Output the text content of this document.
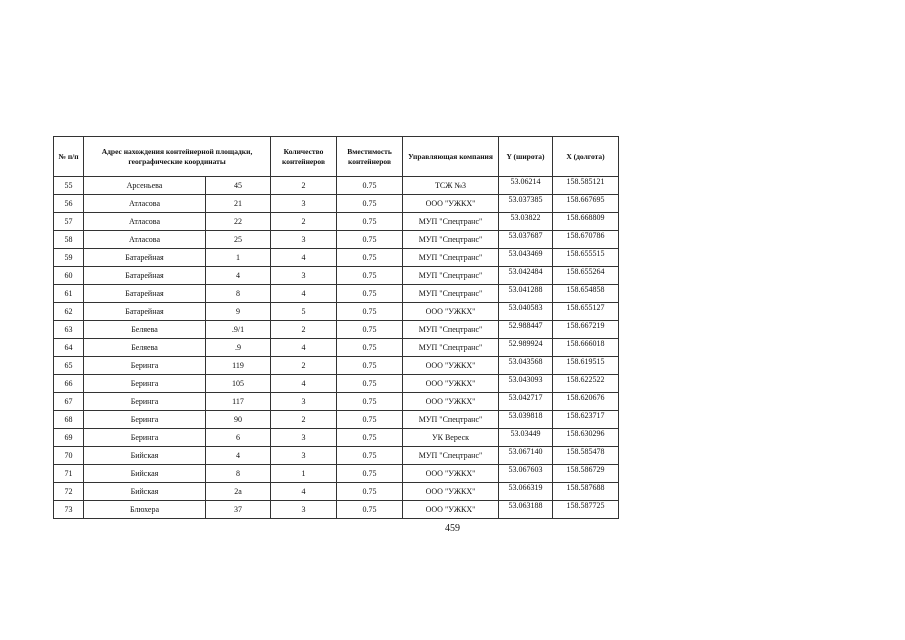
№ п/п	Адрес нахождения контейнерной площадки, географические координаты		Количество контейнеров	Вместимость контейнеров	Управляющая компания	Y (широта)	X (долгота)
55	Арсеньева	45	2	0.75	ТСЖ №3	53.06214	158.585121
56	Атласова	21	3	0.75	ООО "УЖКХ"	53.037385	158.667695
57	Атласова	22	2	0.75	МУП "Спецтранс"	53.03822	158.668809
58	Атласова	25	3	0.75	МУП "Спецтранс"	53.037687	158.670786
59	Батарейная	1	4	0.75	МУП "Спецтранс"	53.043469	158.655515
60	Батарейная	4	3	0.75	МУП "Спецтранс"	53.042484	158.655264
61	Батарейная	8	4	0.75	МУП "Спецтранс"	53.041288	158.654858
62	Батарейная	9	5	0.75	ООО "УЖКХ"	53.040583	158.655127
63	Беляева	.9/1	2	0.75	МУП "Спецтранс"	52.988447	158.667219
64	Беляева	.9	4	0.75	МУП "Спецтранс"	52.989924	158.666018
65	Беринга	119	2	0.75	ООО "УЖКХ"	53.043568	158.619515
66	Беринга	105	4	0.75	ООО "УЖКХ"	53.043093	158.622522
67	Беринга	117	3	0.75	ООО "УЖКХ"	53.042717	158.620676
68	Беринга	90	2	0.75	МУП "Спецтранс"	53.039818	158.623717
69	Беринга	6	3	0.75	УК Вереск	53.03449	158.630296
70	Бийская	4	3	0.75	МУП "Спецтранс"	53.067140	158.585478
71	Бийская	8	1	0.75	ООО "УЖКХ"	53.067603	158.586729
72	Бийская	2а	4	0.75	ООО "УЖКХ"	53.066319	158.587688
73	Блюхера	37	3	0.75	ООО "УЖКХ"	53.063188	158.587725
459
